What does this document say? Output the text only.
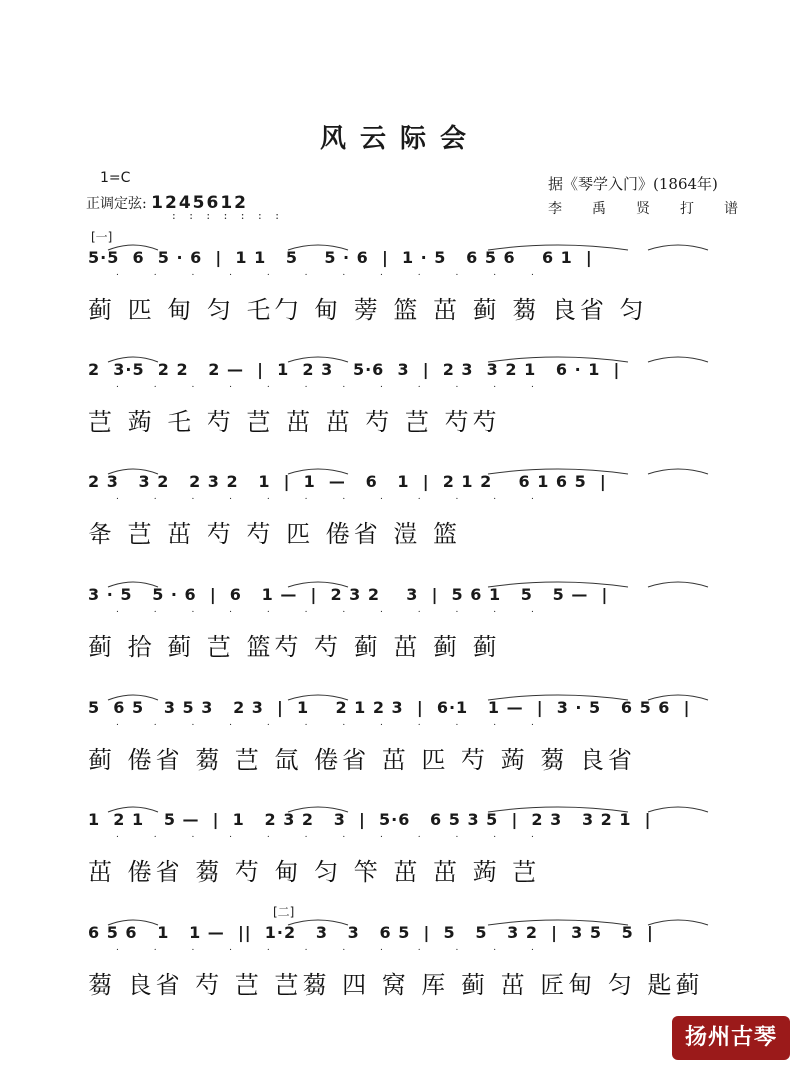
风云际会
1=C
正调定弦: 1245612
: : : : : : :
据《琴学入门》(1864年)
李禹贤打谱
[一]
[二]
5·5  6  5 · 6  |  1 1   5    5 · 6  |  1 · 5   6 5 6    6 1  |
. . . . . . . . . . . .
蓟 匹 甸 匀 乇勹 甸 蒡 篮 茁 蓟 蒭 良省 匀
2  3·5  2 2   2 —  |  1  2 3   5·6  3  |  2 3  3 2 1   6 · 1  |
. . . . . . . . . . . .
芑 蒟 乇 芍 芑 茁 茁 芍 芑 芍芍
2 3   3 2   2 3 2   1  |  1  —   6   1  |  2 1 2    6 1 6 5  |
. . . . . . . . . . . .
夅 芑 茁 芍 芍 匹 倦省 溰 篮
3 · 5   5 · 6  |  6   1 —  |  2 3 2    3  |  5 6 1   5   5 —  |
. . . . . . . . . . . .
蓟 拾 蓟 芑 篮芍 芍 蓟 茁 蓟 蓟
5  6 5   3 5 3   2 3  |  1    2 1 2 3  |  6·1   1 —  |  3 · 5   6 5 6  |
. . . . . . . . . . . .
蓟 倦省 蒭 芑 氙 倦省 茁 匹 芍 蒟 蒭 良省
1  2 1   5 —  |  1   2 3 2   3  |  5·6   6 5 3 5  |  2 3   3 2 1  |
. . . . . . . . . . . .
茁 倦省 蒭 芍 甸 匀 笇 茁 茁 蒟 芑
6 5 6   1   1 —  ||  1·2   3   3   6 5  |  5   5   3 2  |  3 5   5  |
. . . . . . . . . . . .
蒭 良省 芍 芑 芑蒭 四 窝 厍 蓟 茁 匠甸 匀 匙蓟
扬州古琴
